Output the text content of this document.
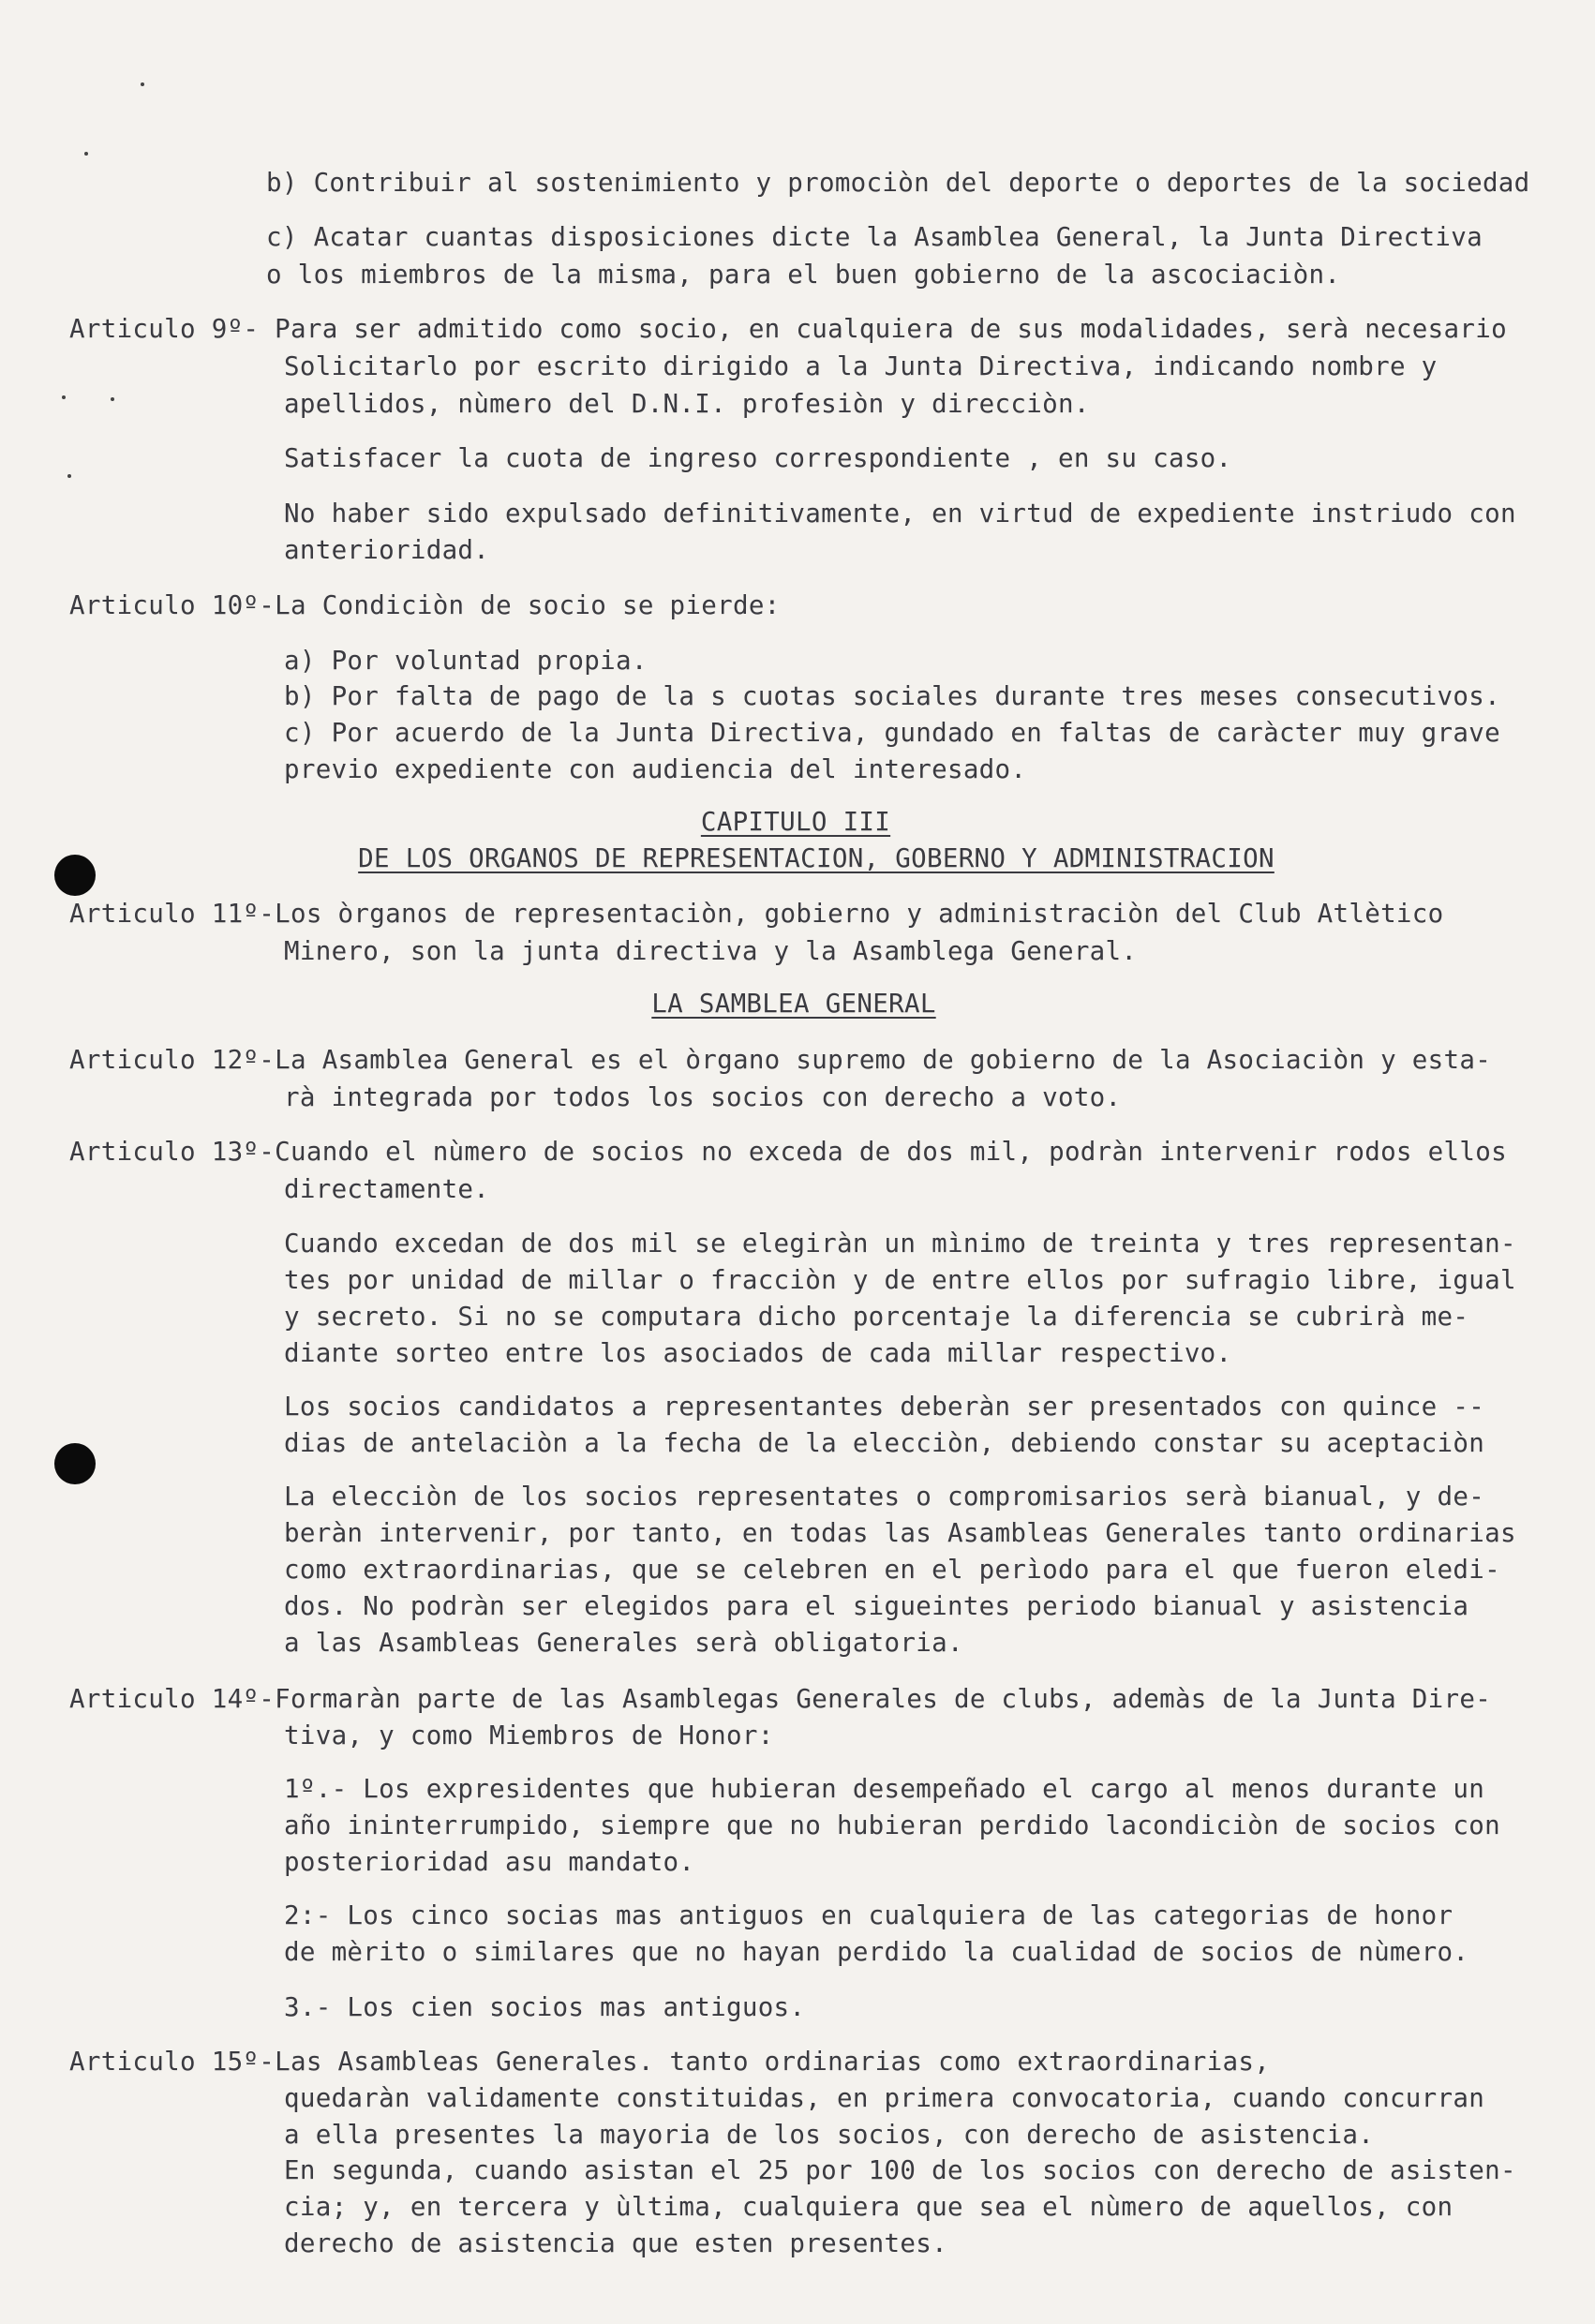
b) Contribuir al sostenimiento y promociòn del deporte o deportes de la sociedad
c) Acatar cuantas disposiciones dicte la Asamblea General, la Junta Directiva
o los miembros de la misma, para el buen gobierno de la ascociaciòn.
Articulo 9º- Para ser admitido como socio, en cualquiera de sus modalidades, serà necesario
Solicitarlo por escrito dirigido a la Junta Directiva, indicando nombre y
apellidos, nùmero del D.N.I. profesiòn y direcciòn.
Satisfacer la cuota de ingreso correspondiente , en su caso.
No haber sido expulsado definitivamente, en virtud de expediente instriudo con
anterioridad.
Articulo 10º-La Condiciòn de socio se pierde:
a) Por voluntad propia.
b) Por falta de pago de la s cuotas sociales durante tres meses consecutivos.
c) Por acuerdo de la Junta Directiva, gundado en faltas de caràcter muy grave
previo expediente con audiencia del interesado.
CAPITULO III
DE LOS ORGANOS DE REPRESENTACION, GOBERNO Y ADMINISTRACION
Articulo 11º-Los òrganos de representaciòn, gobierno y administraciòn del Club Atlètico
Minero, son la junta directiva y la Asamblega General.
LA SAMBLEA GENERAL
Articulo 12º-La Asamblea General es el òrgano supremo de gobierno de la Asociaciòn y esta-
rà integrada por todos los socios con derecho a voto.
Articulo 13º-Cuando el nùmero de socios no exceda de dos mil, podràn intervenir rodos ellos
directamente.
Cuando excedan de dos mil se elegiràn un mìnimo de treinta y tres representan-
tes por unidad de millar o fracciòn y de entre ellos por sufragio libre, igual
y secreto. Si no se computara dicho porcentaje la diferencia se cubrirà me-
diante sorteo entre los asociados de cada millar respectivo.
Los socios candidatos a representantes deberàn ser presentados con quince --
dias de antelaciòn a la fecha de la elecciòn, debiendo constar su aceptaciòn
La elecciòn de los socios representates o compromisarios serà bianual, y de-
beràn intervenir, por tanto, en todas las Asambleas Generales tanto ordinarias
como extraordinarias, que se celebren en el perìodo para el que fueron eledi-
dos. No podràn ser elegidos para el sigueintes periodo bianual y asistencia
a las Asambleas Generales serà obligatoria.
Articulo 14º-Formaràn parte de las Asamblegas Generales de clubs, ademàs de la Junta Dire-
tiva, y como Miembros de Honor:
1º.- Los expresidentes que hubieran desempeñado el cargo al menos durante un
año ininterrumpido, siempre que no hubieran perdido lacondiciòn de socios con
posterioridad asu mandato.
2:- Los cinco socias mas antiguos en cualquiera de las categorias de honor
de mèrito o similares que no hayan perdido la cualidad de socios de nùmero.
3.- Los cien socios mas antiguos.
Articulo 15º-Las Asambleas Generales. tanto ordinarias como extraordinarias,
quedaràn validamente constituidas, en primera convocatoria, cuando concurran
a ella presentes la mayoria de los socios, con derecho de asistencia.
En segunda, cuando asistan el 25 por 100 de los socios con derecho de asisten-
cia; y, en tercera y ùltima, cualquiera que sea el nùmero de aquellos, con
derecho de asistencia que esten presentes.
